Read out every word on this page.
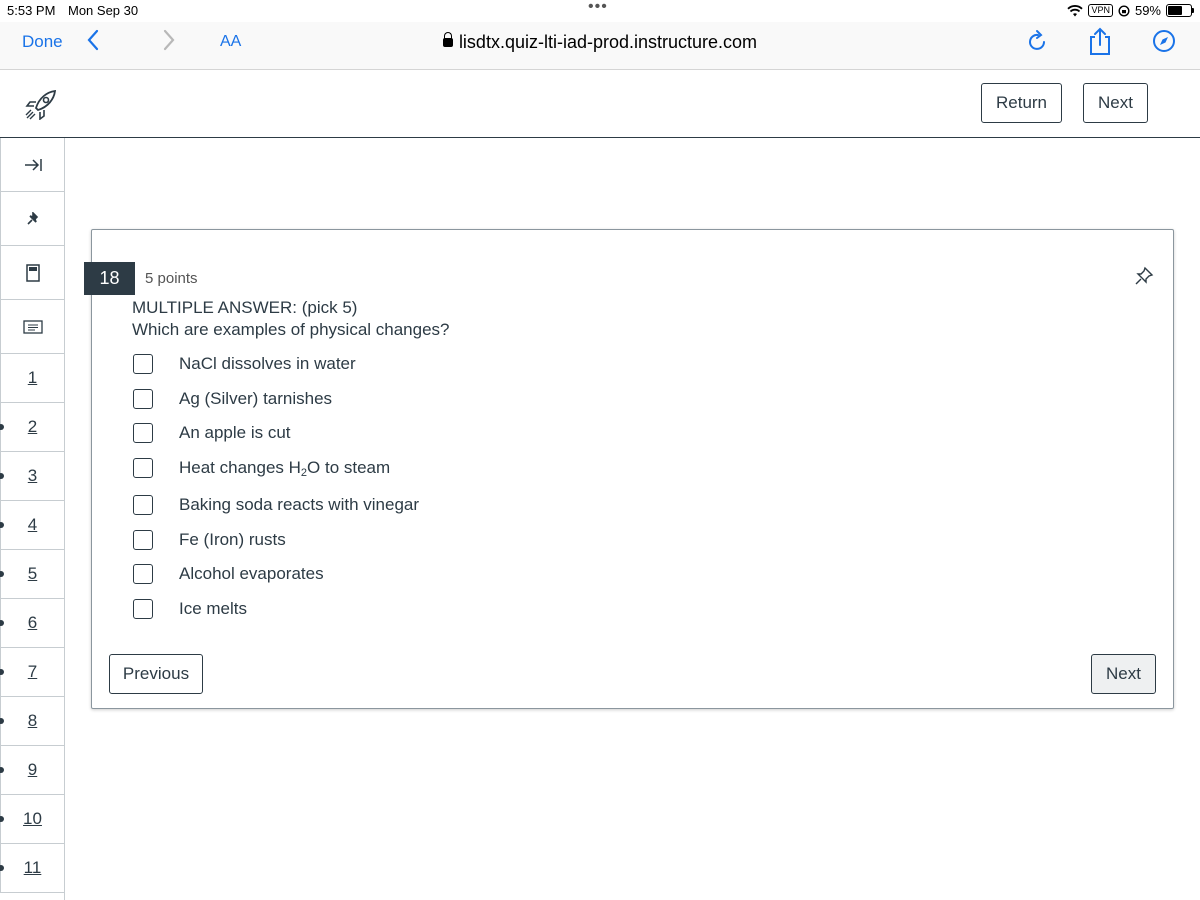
5:53 PM Mon Sep 30	•••	VPN 59%
Done	AA	lisdtx.quiz-lti-iad-prod.instructure.com
Return	Next
1
2
3
4
5
6
7
8
9
10
11
18	5 points
MULTIPLE ANSWER: (pick 5)
Which are examples of physical changes?
NaCl dissolves in water
Ag (Silver) tarnishes
An apple is cut
Heat changes $H_2O$ to steam
Baking soda reacts with vinegar
Fe (Iron) rusts
Alcohol evaporates
Ice melts
Previous	Next
